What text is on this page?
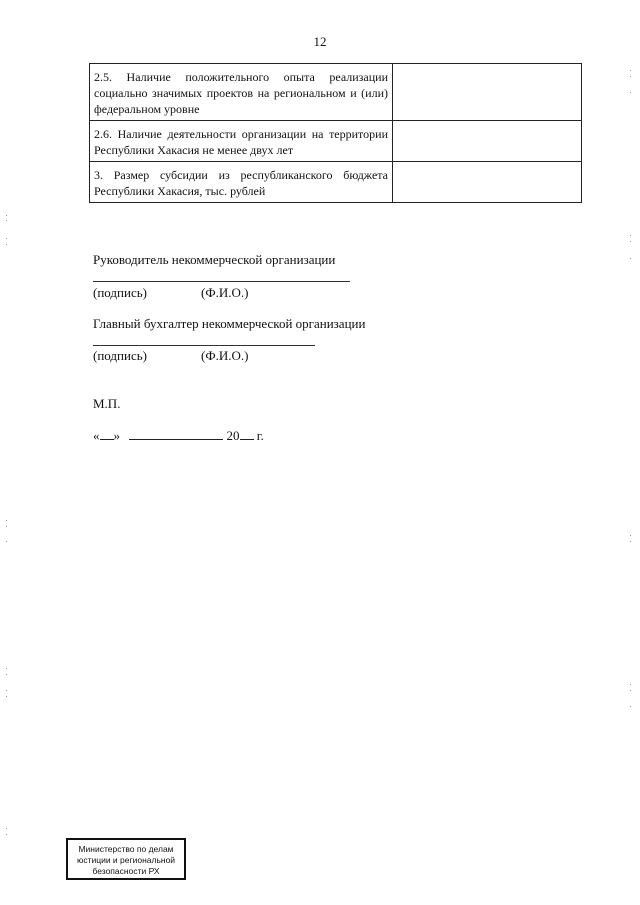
12
2.5. Наличие положительного опыта реализации социально значимых проектов на региональном и (или) федеральном уровне	
2.6. Наличие деятельности организации на территории Республики Хакасия не менее двух лет	
3. Размер субсидии из республиканского бюджета Республики Хакасия, тыс. рублей	
Руководитель некоммерческой организации
(подпись)	(Ф.И.О.)
Главный бухгалтер некоммерческой организации
(подпись)	(Ф.И.О.)
М.П.
« »	20 г.
Министерство по делам
юстиции и региональной
безопасности РХ
